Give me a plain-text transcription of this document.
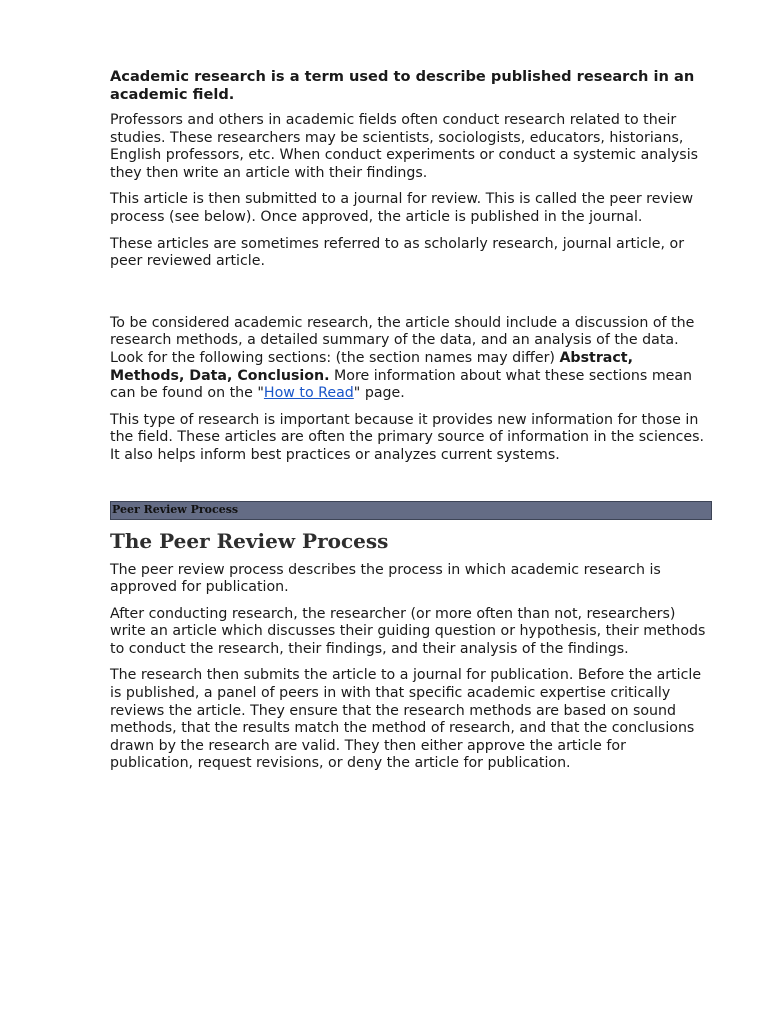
Academic research is a term used to describe published research in an academic field.
Professors and others in academic fields often conduct research related to their studies. These researchers may be scientists, sociologists, educators, historians, English professors, etc. When conduct experiments or conduct a systemic analysis they then write an article with their findings.
This article is then submitted to a journal for review. This is called the peer review process (see below). Once approved, the article is published in the journal.
These articles are sometimes referred to as scholarly research, journal article, or peer reviewed article.
To be considered academic research, the article should include a discussion of the research methods, a detailed summary of the data, and an analysis of the data. Look for the following sections: (the section names may differ) Abstract, Methods, Data, Conclusion. More information about what these sections mean can be found on the "How to Read" page.
This type of research is important because it provides new information for those in the field. These articles are often the primary source of information in the sciences. It also helps inform best practices or analyzes current systems.
Peer Review Process
The Peer Review Process
The peer review process describes the process in which academic research is approved for publication.
After conducting research, the researcher (or more often than not, researchers) write an article which discusses their guiding question or hypothesis, their methods to conduct the research, their findings, and their analysis of the findings.
The research then submits the article to a journal for publication. Before the article is published, a panel of peers in with that specific academic expertise critically reviews the article. They ensure that the research methods are based on sound methods, that the results match the method of research, and that the conclusions drawn by the research are valid. They then either approve the article for publication, request revisions, or deny the article for publication.
